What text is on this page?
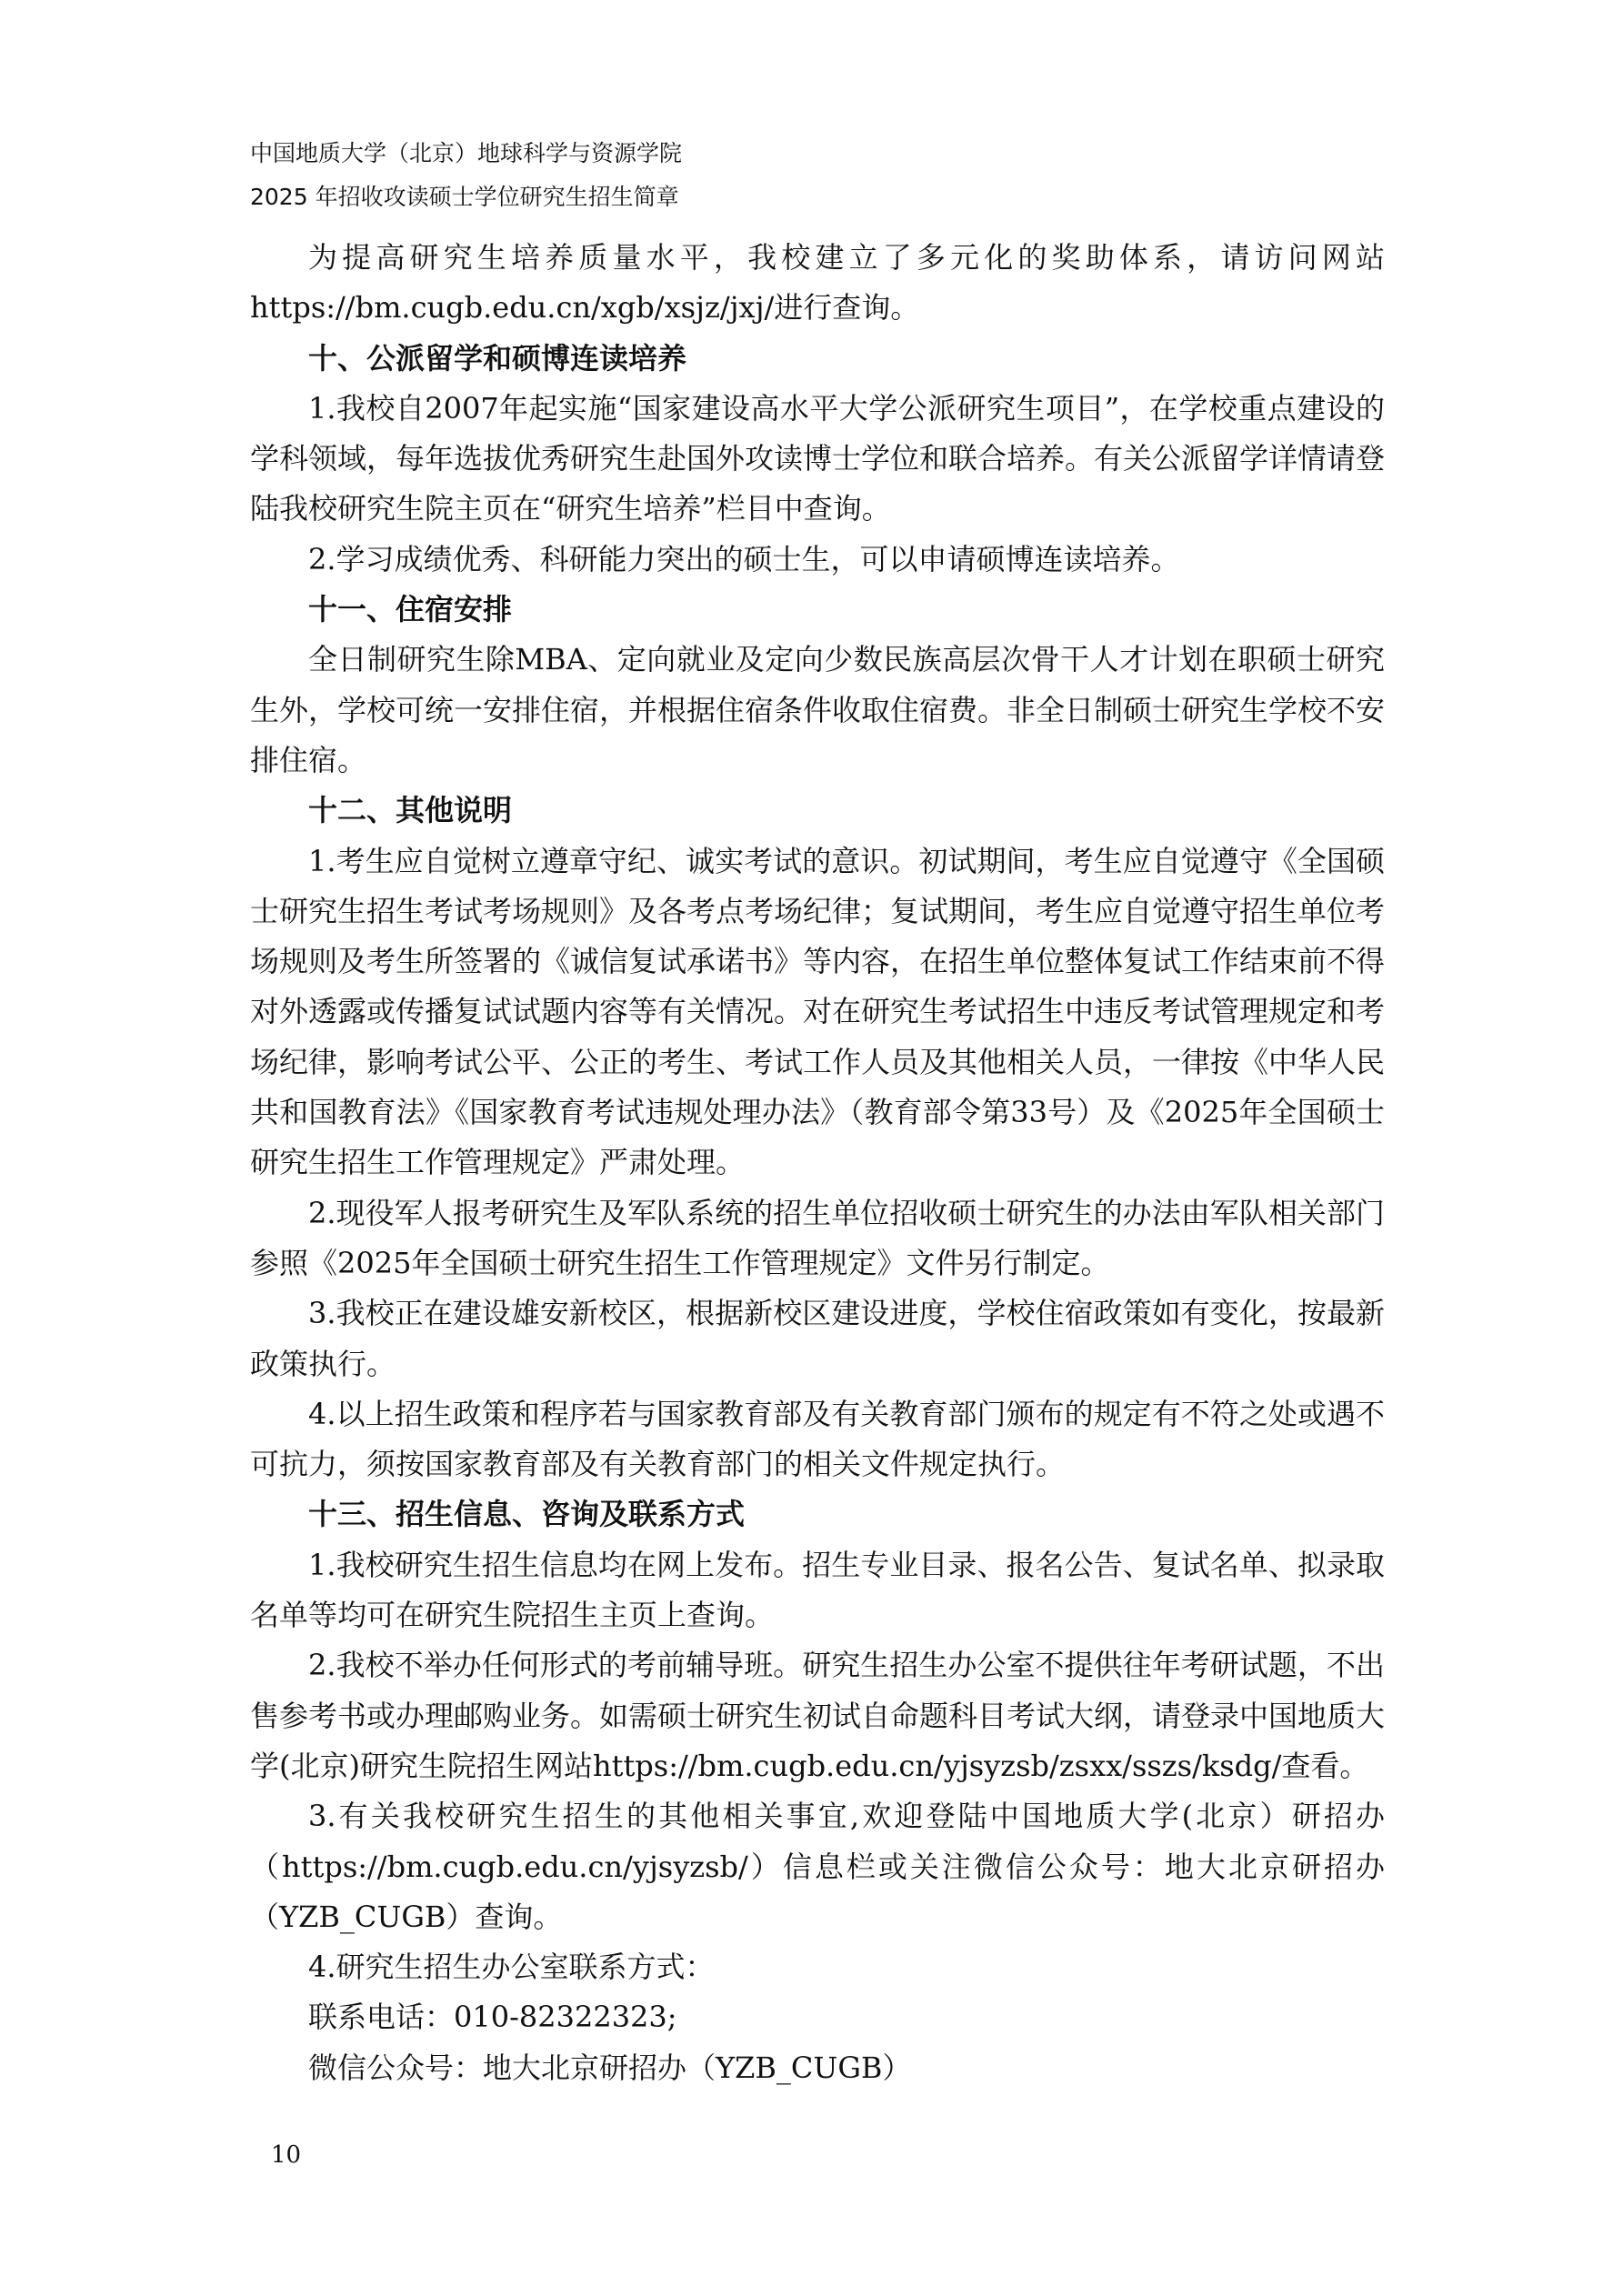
中国地质大学（北京）地球科学与资源学院
2025 年招收攻读硕士学位研究生招生简章

为提高研究生培养质量水平，我校建立了多元化的奖助体系，请访问网站https://bm.cugb.edu.cn/xgb/xsjz/jxj/进行查询。

十、公派留学和硕博连读培养

1.我校自2007年起实施“国家建设高水平大学公派研究生项目”，在学校重点建设的学科领域，每年选拔优秀研究生赴国外攻读博士学位和联合培养。有关公派留学详情请登陆我校研究生院主页在“研究生培养”栏目中查询。

2.学习成绩优秀、科研能力突出的硕士生，可以申请硕博连读培养。

十一、住宿安排

全日制研究生除MBA、定向就业及定向少数民族高层次骨干人才计划在职硕士研究生外，学校可统一安排住宿，并根据住宿条件收取住宿费。非全日制硕士研究生学校不安排住宿。

十二、其他说明

1.考生应自觉树立遵章守纪、诚实考试的意识。初试期间，考生应自觉遵守《全国硕士研究生招生考试考场规则》及各考点考场纪律；复试期间，考生应自觉遵守招生单位考场规则及考生所签署的《诚信复试承诺书》等内容，在招生单位整体复试工作结束前不得对外透露或传播复试试题内容等有关情况。对在研究生考试招生中违反考试管理规定和考场纪律，影响考试公平、公正的考生、考试工作人员及其他相关人员，一律按《中华人民共和国教育法》《国家教育考试违规处理办法》（教育部令第33号）及《2025年全国硕士研究生招生工作管理规定》严肃处理。

2.现役军人报考研究生及军队系统的招生单位招收硕士研究生的办法由军队相关部门参照《2025年全国硕士研究生招生工作管理规定》文件另行制定。

3.我校正在建设雄安新校区，根据新校区建设进度，学校住宿政策如有变化，按最新政策执行。

4.以上招生政策和程序若与国家教育部及有关教育部门颁布的规定有不符之处或遇不可抗力，须按国家教育部及有关教育部门的相关文件规定执行。

十三、招生信息、咨询及联系方式

1.我校研究生招生信息均在网上发布。招生专业目录、报名公告、复试名单、拟录取名单等均可在研究生院招生主页上查询。

2.我校不举办任何形式的考前辅导班。研究生招生办公室不提供往年考研试题，不出售参考书或办理邮购业务。如需硕士研究生初试自命题科目考试大纲，请登录中国地质大学(北京)研究生院招生网站https://bm.cugb.edu.cn/yjsyzsb/zsxx/sszs/ksdg/查看。

3.有关我校研究生招生的其他相关事宜,欢迎登陆中国地质大学(北京）研招办（https://bm.cugb.edu.cn/yjsyzsb/）信息栏或关注微信公众号：地大北京研招办（YZB_CUGB）查询。

4.研究生招生办公室联系方式：

联系电话：010-82322323;

微信公众号：地大北京研招办（YZB_CUGB）

10
